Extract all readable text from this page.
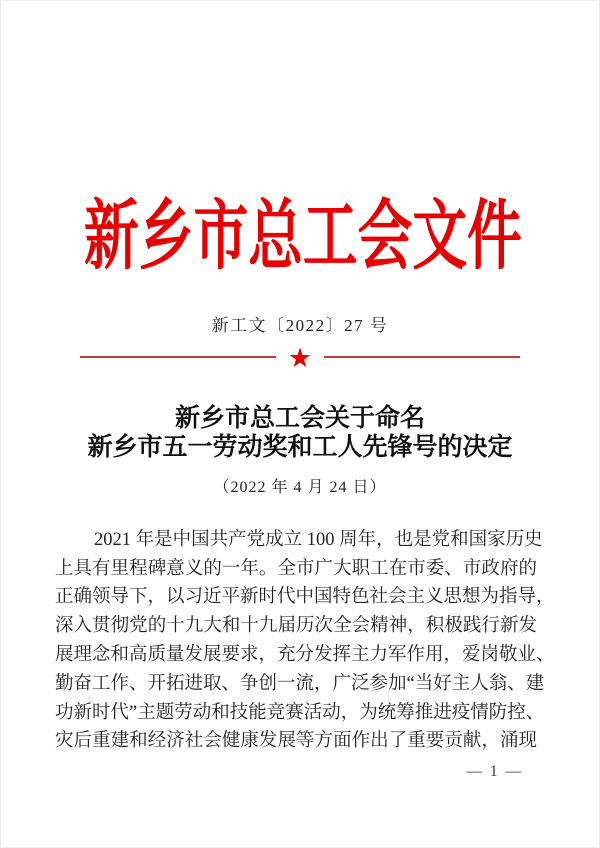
新乡市总工会文件
新工文〔2022〕27 号
★
新乡市总工会关于命名
新乡市五一劳动奖和工人先锋号的决定
（2022 年 4 月 24 日）
2021 年是中国共产党成立 100 周年，也是党和国家历史
上具有里程碑意义的一年。全市广大职工在市委、市政府的
正确领导下，以习近平新时代中国特色社会主义思想为指导，
深入贯彻党的十九大和十九届历次全会精神，积极践行新发
展理念和高质量发展要求，充分发挥主力军作用，爱岗敬业、
勤奋工作、开拓进取、争创一流，广泛参加“当好主人翁、建
功新时代”主题劳动和技能竞赛活动，为统筹推进疫情防控、
灾后重建和经济社会健康发展等方面作出了重要贡献，涌现
— 1 —
